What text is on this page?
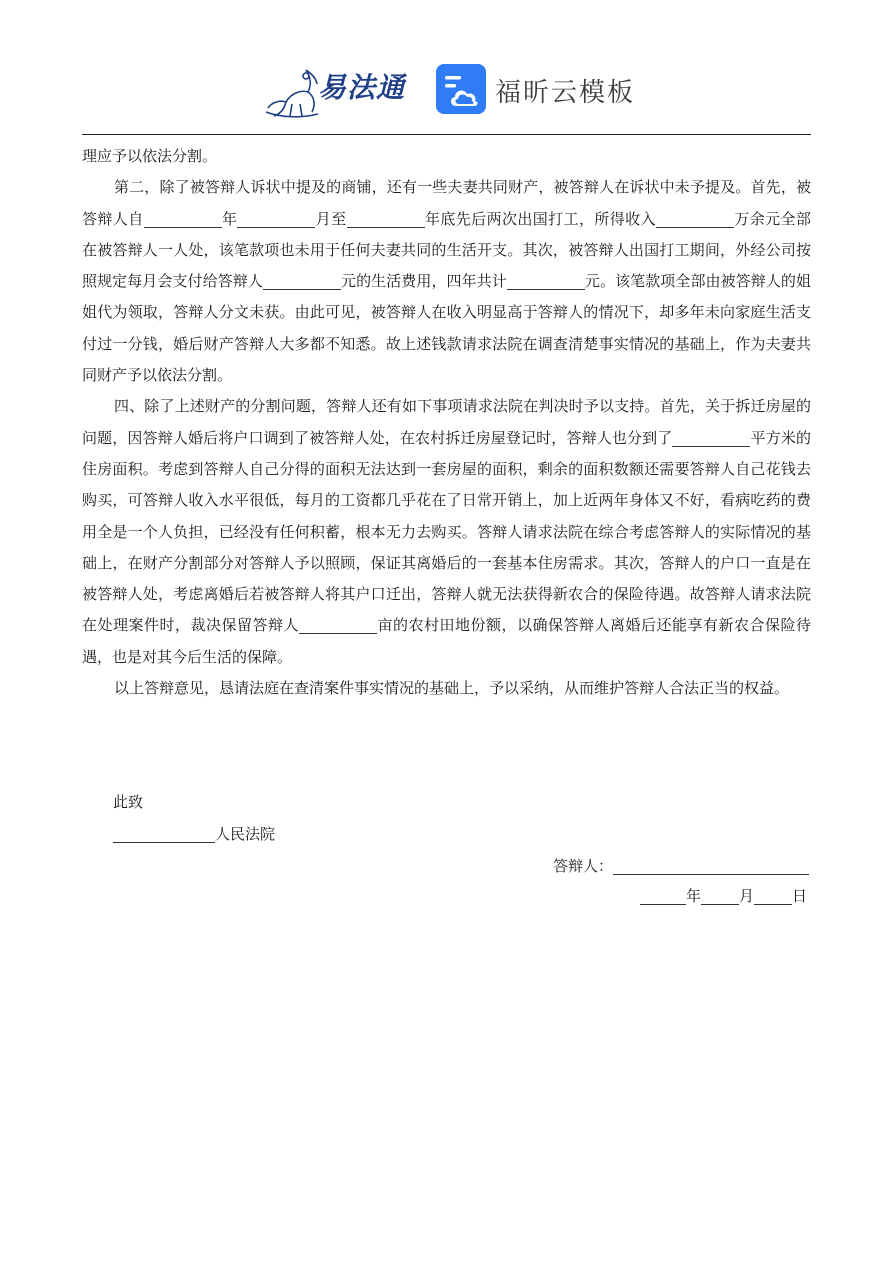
易法通	福昕云模板

理应予以依法分割。

第二，除了被答辩人诉状中提及的商铺，还有一些夫妻共同财产，被答辩人在诉状中未予提及。首先，被答辩人自	年	月至	年底先后两次出国打工，所得收入	万余元全部在被答辩人一人处，该笔款项也未用于任何夫妻共同的生活开支。其次，被答辩人出国打工期间，外经公司按照规定每月会支付给答辩人	元的生活费用，四年共计	元。该笔款项全部由被答辩人的姐姐代为领取，答辩人分文未获。由此可见，被答辩人在收入明显高于答辩人的情况下，却多年未向家庭生活支付过一分钱，婚后财产答辩人大多都不知悉。故上述钱款请求法院在调查清楚事实情况的基础上，作为夫妻共同财产予以依法分割。

四、除了上述财产的分割问题，答辩人还有如下事项请求法院在判决时予以支持。首先，关于拆迁房屋的问题，因答辩人婚后将户口调到了被答辩人处，在农村拆迁房屋登记时，答辩人也分到了	平方米的住房面积。考虑到答辩人自己分得的面积无法达到一套房屋的面积，剩余的面积数额还需要答辩人自己花钱去购买，可答辩人收入水平很低，每月的工资都几乎花在了日常开销上，加上近两年身体又不好，看病吃药的费用全是一个人负担，已经没有任何积蓄，根本无力去购买。答辩人请求法院在综合考虑答辩人的实际情况的基础上，在财产分割部分对答辩人予以照顾，保证其离婚后的一套基本住房需求。其次，答辩人的户口一直是在被答辩人处，考虑离婚后若被答辩人将其户口迁出，答辩人就无法获得新农合的保险待遇。故答辩人请求法院在处理案件时，裁决保留答辩人	亩的农村田地份额，以确保答辩人离婚后还能享有新农合保险待遇，也是对其今后生活的保障。

以上答辩意见，恳请法庭在查清案件事实情况的基础上，予以采纳，从而维护答辩人合法正当的权益。

此致
人民法院
答辩人：
年	月	日
